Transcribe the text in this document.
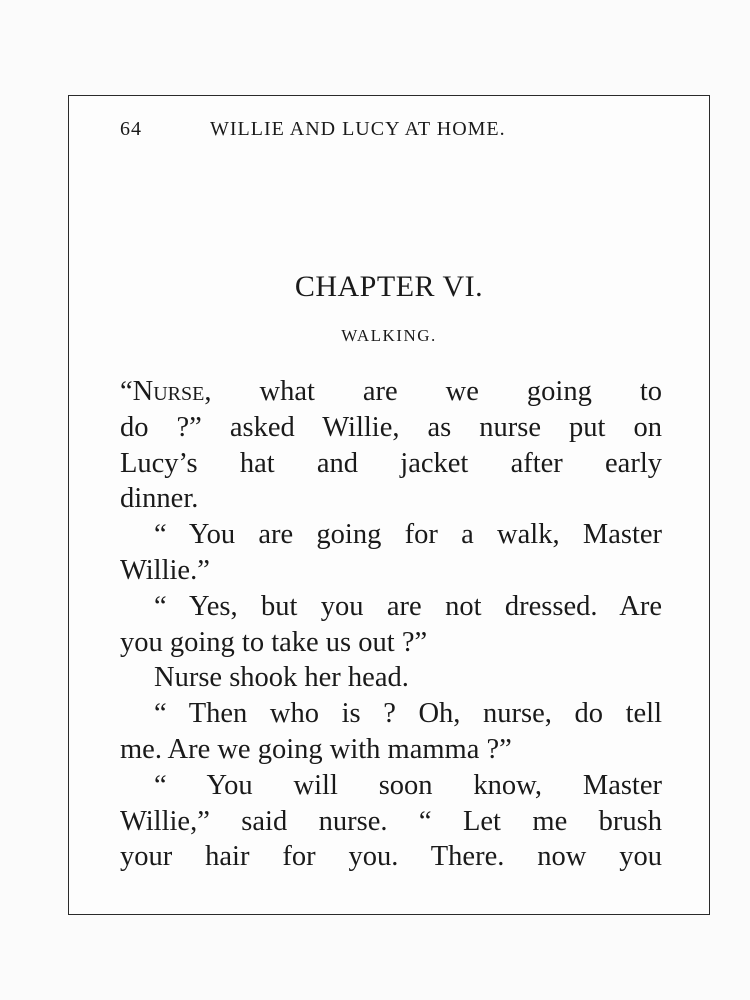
64	WILLIE AND LUCY AT HOME.
CHAPTER VI.
WALKING.
“Nurse, what are we going to
do ?” asked Willie, as nurse put on
Lucy’s hat and jacket after early
dinner.
“ You are going for a walk, Master
Willie.”
“ Yes, but you are not dressed. Are
you going to take us out ?”
Nurse shook her head.
“ Then who is ? Oh, nurse, do tell
me. Are we going with mamma ?”
“ You will soon know, Master
Willie,” said nurse. “ Let me brush
your hair for you. There. now you
